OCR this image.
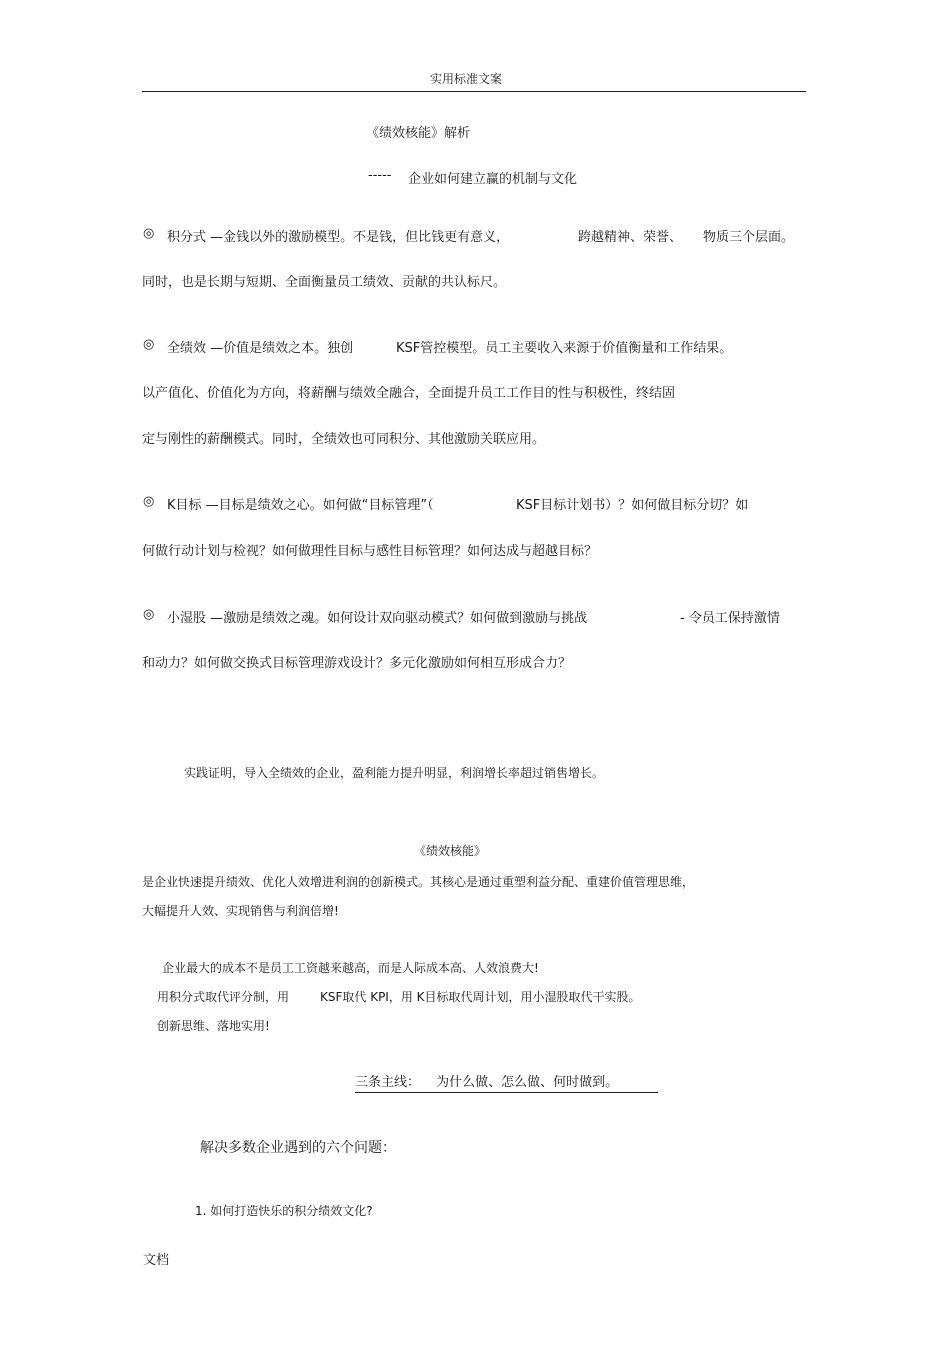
实用标准文案
《绩效核能》解析
----- 企业如何建立赢的机制与文化
◎ 积分式 —金钱以外的激励模型。不是钱，但比钱更有意义，	跨越精神、荣誉、 物质三个层面。
同时，也是长期与短期、全面衡量员工绩效、贡献的共认标尺。
◎ 全绩效 —价值是绩效之本。独创	KSF管控模型。员工主要收入来源于价值衡量和工作结果。
以产值化、价值化为方向，将薪酬与绩效全融合，全面提升员工工作目的性与积极性，终结固
定与刚性的薪酬模式。同时，全绩效也可同积分、其他激励关联应用。
◎ K目标 —目标是绩效之心。如何做“目标管理”（	KSF目标计划书）？如何做目标分切？如
何做行动计划与检视？如何做理性目标与感性目标管理？如何达成与超越目标？
◎ 小湿股 —激励是绩效之魂。如何设计双向驱动模式？如何做到激励与挑战	- 令员工保持激情
和动力？如何做交换式目标管理游戏设计？多元化激励如何相互形成合力？
实践证明，导入全绩效的企业，盈利能力提升明显，利润增长率超过销售增长。
《绩效核能》
是企业快速提升绩效、优化人效增进利润的创新模式。其核心是通过重塑利益分配、重建价值管理思维，
大幅提升人效、实现销售与利润倍增!
企业最大的成本不是员工工资越来越高，而是人际成本高、人效浪费大!
用积分式取代评分制，用	KSF取代 KPI，用 K目标取代周计划，用小湿股取代干实股。
创新思维、落地实用!
三条主线： 为什么做、怎么做、何时做到。
解决多数企业遇到的六个问题：
1. 如何打造快乐的积分绩效文化?
文档
